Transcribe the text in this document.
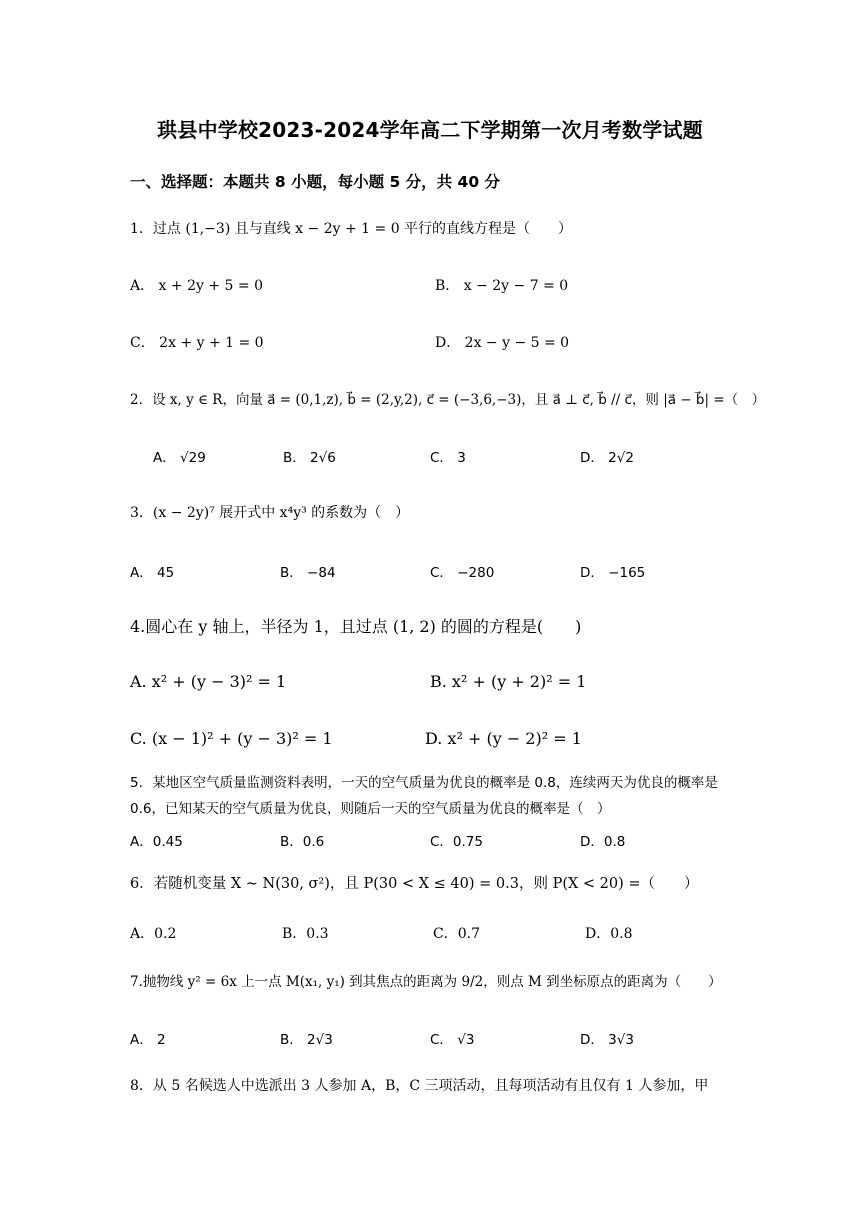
珙县中学校2023-2024学年高二下学期第一次月考数学试题
一、选择题：本题共 8 小题，每小题 5 分，共 40 分
1．过点 (1,−3) 且与直线 x − 2y + 1 = 0 平行的直线方程是（　　）
A． x + 2y + 5 = 0	B． x − 2y − 7 = 0
C． 2x + y + 1 = 0	D． 2x − y − 5 = 0
2．设 x, y ∈ R，向量 a⃗ = (0,1,z), b⃗ = (2,y,2), c⃗ = (−3,6,−3)，且 a⃗ ⊥ c⃗, b⃗ // c⃗，则 |a⃗ − b⃗| =（　）
A． √29	B． 2√6	C． 3	D． 2√2
3．(x − 2y)⁷ 展开式中 x⁴y³ 的系数为（　）
A． 45	B． −84	C． −280	D． −165
4.圆心在 y 轴上，半径为 1，且过点 (1, 2) 的圆的方程是(　　)
A. x² + (y − 3)² = 1	B. x² + (y + 2)² = 1
C. (x − 1)² + (y − 3)² = 1	D. x² + (y − 2)² = 1
5．某地区空气质量监测资料表明，一天的空气质量为优良的概率是 0.8，连续两天为优良的概率是 0.6，已知某天的空气质量为优良，则随后一天的空气质量为优良的概率是（　）
A．0.45	B．0.6	C．0.75	D．0.8
6．若随机变量 X ~ N(30, σ²)，且 P(30 < X ≤ 40) = 0.3，则 P(X < 20) =（　　）
A．0.2	B．0.3	C．0.7	D．0.8
7.抛物线 y² = 6x 上一点 M(x₁, y₁) 到其焦点的距离为 9/2，则点 M 到坐标原点的距离为（　　）
A． 2	B． 2√3	C． √3	D． 3√3
8．从 5 名候选人中选派出 3 人参加 A，B，C 三项活动，且每项活动有且仅有 1 人参加，甲
